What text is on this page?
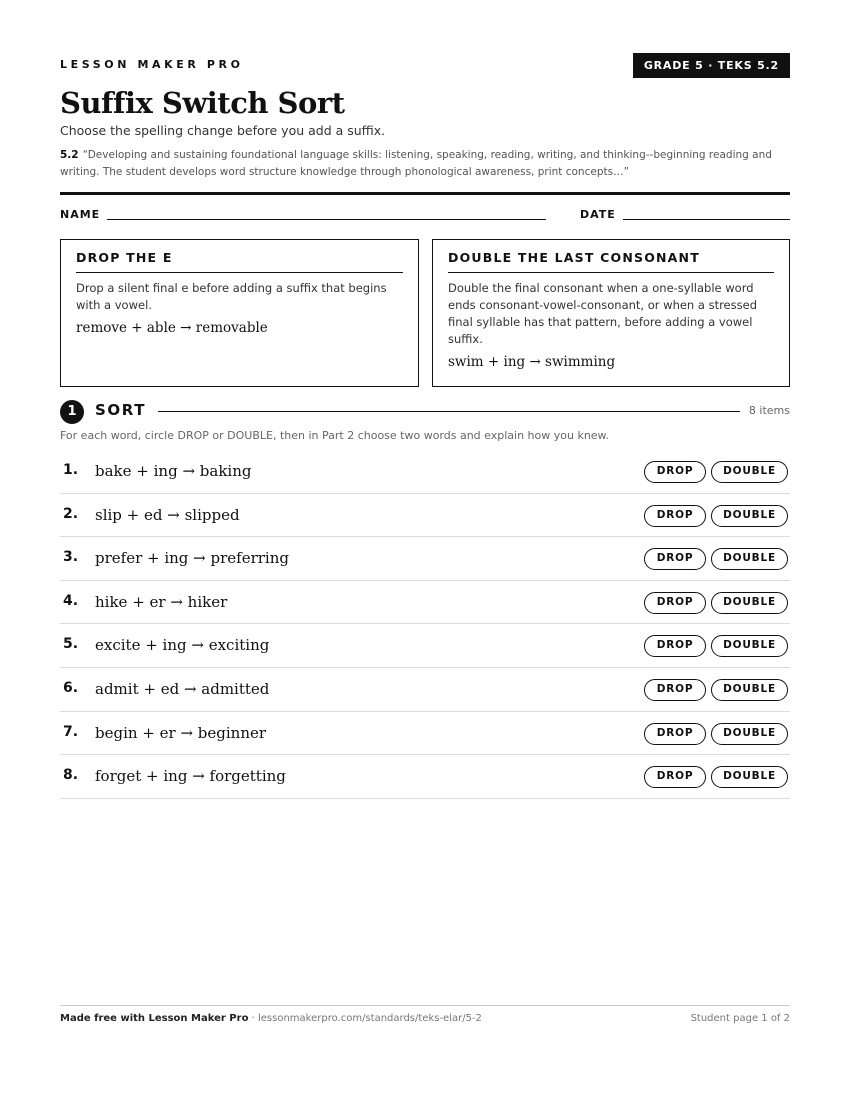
LESSON MAKER PRO	GRADE 5 · TEKS 5.2
Suffix Switch Sort
Choose the spelling change before you add a suffix.
5.2 “Developing and sustaining foundational language skills: listening, speaking, reading, writing, and thinking--beginning reading and writing. The student develops word structure knowledge through phonological awareness, print concepts…”
NAME	DATE
DROP THE E

Drop a silent final e before adding a suffix that begins with a vowel.

remove + able → removable
DOUBLE THE LAST CONSONANT

Double the final consonant when a one-syllable word ends consonant-vowel-consonant, or when a stressed final syllable has that pattern, before adding a vowel suffix.

swim + ing → swimming
1	SORT	8 items
For each word, circle DROP or DOUBLE, then in Part 2 choose two words and explain how you knew.
1. bake + ing → baking	DROP	DOUBLE
2. slip + ed → slipped	DROP	DOUBLE
3. prefer + ing → preferring	DROP	DOUBLE
4. hike + er → hiker	DROP	DOUBLE
5. excite + ing → exciting	DROP	DOUBLE
6. admit + ed → admitted	DROP	DOUBLE
7. begin + er → beginner	DROP	DOUBLE
8. forget + ing → forgetting	DROP	DOUBLE
Made free with Lesson Maker Pro · lessonmakerpro.com/standards/teks-elar/5-2	Student page 1 of 2
